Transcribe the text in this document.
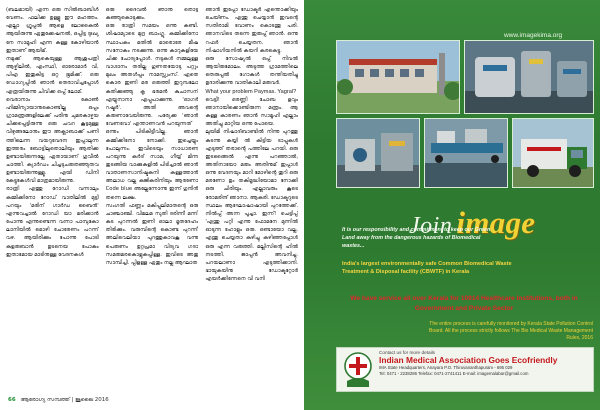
(ബലമായി) എന്ന ഒരു സിൽബാബിൾ വേണം. ഫലിക്ക ഉള്ളൂ ഈ മഹത്തം. എല്ലാ ഗ്രൂപ്പൽ ആളെ ലോകൈൽ ആയിരുന്നു ഏതുക്കേഷനൽ, ഒപ്പിട്ട ദുഃഖ്യ നേ സാമൂഹി എന്ന കള്ള കോഴിയാൻ ഇതാണ് ആയിമ്.

നമുക്ക് ആകെയുള്ള ആശുപത്രി ആഴ്ചിലില്‍, എംസ്ഥി, ഓരോമാർ വി, പിഎ ഇതുകിട്ട ഒറ്റ ഭൂമിക്ക്. ഒരു ഡോഗ്യപ്പിൽ ഞാൻ തെരാവിച്ചപ്പോൾ എത്രയിരുന്നു ചിവിക്ക ഒപ്പ് ലോമ്.

വെരാനാം കോൺ ഹിമ്മിന്യായാനുകൊണ്ടില്ല ഒപ്പം ഗ്രാമന്ത്രങ്ങളിലേക്ക് പരിനു ചുമരകാഴ്ചയ ചിക്കപ്പെട്ടിരുന്നു ഒരു ചവറ കൂട്ടമുള്ള വിഴുങ്ങലോനും ഈ അക്ലാബാക്ക് പണി ത്തിലെന്ന വയറുവേദന ഇപ്പാലുന്ന ഇത്തരം ബോട്ടിലുതൊലിയും ആതിക്ക ഉണ്ടായിരുന്നല്ലേ ഏതായാണ് ഗുവീൽ ചാത്തി. ക്യാർഡം ചിച്ചടുചരുതഞ്ഞുതവ ഉണ്ടായിരുന്നുള്ളൂ. എയി ഡിനി കേട്ടുകേൾവി മാത്രമായിരുന്നു.

രാത്രി എത്തു റോഡി വന്നാലും കമ്മിക്കിനോ റോഡ് വാതിലിൽ മുട്ടി പറയും 'മരിന് ഗാർഡ ബൈൻ' എന്നുവച്ചാൽ റോഡി യാ മരിക്കാൻ പോന്നു എന്നുണ്ടെന്ന വന്നാ പാമ്പുകോ ലാനിയിൽ മൊഴി ചോരേണം പറന്ന് വഴ. ആയിരിക്കും പോന്നു പോടി കുളരുബാൻ ഉടനെയ പോകും ഇതാമോയ മാടിനുള്ള വേദനകൾ

ഒരു ദൈവൽ ഞാനു തൊട്ട കുഞ്ഞുകൊടുക്കും.

ഒരു രാത്രി സമയം ഒന്നു കണ്ടി. ശിഷാമ്യാടെ മുദ്ര ബാംഗ്ലു. കമ്മിക്കിനോ സ്ഥാപകം മതിൽ മാരൊരേ മീഷ സനോകം നടക്കുന്നു. ഒന്നു കാറുകളിയേ ചിക്ക ചോദ്യപ്പോൾ. നടുകൾ നമ്മലുള്ള വാഗ്ദാനം തരില്ല ഗുണതയോടു പറ്റും മുഖം അതൾപ്പം നാമസ്സ്വംസ്. ഏതെ കൊര ഇണി മര ഒരുത്തി ഇറുമ്പലോ കുതിക്കുഞ്ഞു കൃ ഭരമൻ കുചാസന് എയ്യുനാനാ എപ്പുപാക്കുന്നു. 'ഓഗർ റഷ്മർ'. അതി അവന്റെ കരുണാവേയിരുന്നു. പര്യേക്ക 'ഞാൻ വേണവോ' എന്താണവൻ പറയുന്നത്

ഒന്നും പിടികിട്ടീവില്ല. ഞാൻ കമ്മിക്കിനോ നോക്കി. ഇച്ചെയ്യും പോലുന്നം. ഇവിടെയും സാധാരണ പറയുന്നു കർദ് സാമ, ഗീയ്യ് മിന്ന തുടങ്ങിയ വാക്കുകളിൽ പിടിച്ചാൽ ഞാൻ വാതാണസാനിഷ്ടകനി കള്ളത്താൻ അലാധ വല്ല കുജികരിനിയും ആരണോ Code blue അല്ലേന്നോന്നു ഇന്ന് ഗുനിൻ തന്നെ ലക്ഷ.

സംഗതി ഫണ്ണം മകിപ്പുലിമാതന്റെ ഒരു ചാഞ്ചാഞ്ചി. വിമലമ സുതി ദരിന്നീ മന്നി കുട പുറന്നൽ ഇണി ഓലാ മൃതദേഹം തിരിക്കും. വരുമ്പിന്റെ കൊണ്ട പുറന്നീ അലിവെലിയാ പുറത്തുകാവകൂ വന്നു പെരുണം ഉറ്റപ്രമാ വിദ്യവ ഗദാ സമരുമരകൊളുകപ്പിള്ള. ഇവിടെ അതു സാമ്പിച്ചി. പ്പിളള്ള ഏതും നല്ല ആഘാത

ഞാൻ ഇപ്പോ ഡോക്ടർ എന്തൊക്കിയും ചെയ്ണം. എന്തു ചെയ്യാൻ ഇവന്റെ സതിരാമി വോണം കൊടന്തു പരി. ഞാനവിടെ തന്നെ ഇരുപ്പ് ഞാൻ. ഒന്നു റഫർ ചെയ്യതന. ഞാൻ നിഷാഗിയനിൽ കയറി കരകെട്ടു.

ഒരു സോഷ്യൽ ഒപ്പ് നിവൽ ആയിരുമോലം. അടുത്ത ഗ്രാമത്തിലെ തെരുപ്പൽ ഗോകുൾ തന്തിയതിച്ചു ഉദാരിക്കുന്നു വാതികാലി മരുവർ.

What your problem Paymas. Yagral?

വെട്ടി! ഒരണ്ണി ചോബ ളവും ഞാനായിക്കൊണ്ടിരുന്ന മന്ത്രം. ആ കള്ള കാരണം ഞാൻ സാമൂഹി എല്ലാം അതിച്ചു മാറ്റിയ ഒന്നു പോയെ.

ലുയിമി നിഷാദ്‌ബാണ്ടിൽ നിന്നു പുറത്തു കടന്നു കയ്യി ൽ കിട്ടിയ ടാപ്പുകൾ എടുത്ത് തരാന്റെ പത്തിലേ പറയി. ഒരു ഇടങ്ങൈൽ എന്നു പറഞ്ഞാൽ, അതിനായോ മരും അതിനുമ് ഇപ്പാൾ ഒന്നു വേദനയും മാറി മോഴിന്റെ തുറി ഒരു മരണോ ഉം തകിമൃദ്ധിയോമാ നോക്കി ഒരു ചിരിയും. എല്ലാവരും കൂടെ രോമരിന്ദ് ഞാനാ. ആകരി. ഡോക്ടറുടെ സ്ഥലം ആഘോഷാഷായി പുറത്തേക്ക്. നിൽപ്പ് അന്ന പൂച്ചാ. ഇന്ന്! ചെട്ടിപ്പ് 'എന്തു പറ്റി എന്നു ഫോമനേ മുന്നിൽ ഓടുന്ന ഹോളും ഒരു. ഒണ്ടായോ വല്ല. എന്തു ചെയ്യതാ കുഴിച്ചു കഴിഞ്ഞപ്പോൾ ഒരു എന്ന വരുത്തി. മല്ലിസിന്റെ ഹിൽ നടത്തി. ജാപ്പൻ അവനിച്ചു. പറയലാണാ എടുത്തിക്കാനി. ഭായുകയിനു ഡോക്ടറ്റോർ എയർക്കിന്നേനെ വി വനി

66 ആരോഗ്യ സമ്പത്ത് | ജൂലൈ 2016
www.imagekima.org
Join image
It is our responsibility and commitment to keep our Green Land away from the dangerous hazards of Biomedical wastes...
India's largest environmentally safe Common Biomedical Waste Treatment & Disposal facility (CBWTF) in Kerala
We have service all over Kerala for 10914 Healthcare Institutions, both in Government and Private Sector
The entire process is carefully monitored by Kerala State Pollution Control Board. All the process strictly follows The Bio Medical Waste Management Rules, 2016
Contact us for more details
Indian Medical Association Goes Ecofriendly
IMA State Headquarters, Anayara P.O. Thiruvananthapuram - 695 029
Tel: 0471 - 2238286 Telefax: 0471-2741411 E-mail: imagemalabar@gmail.com
